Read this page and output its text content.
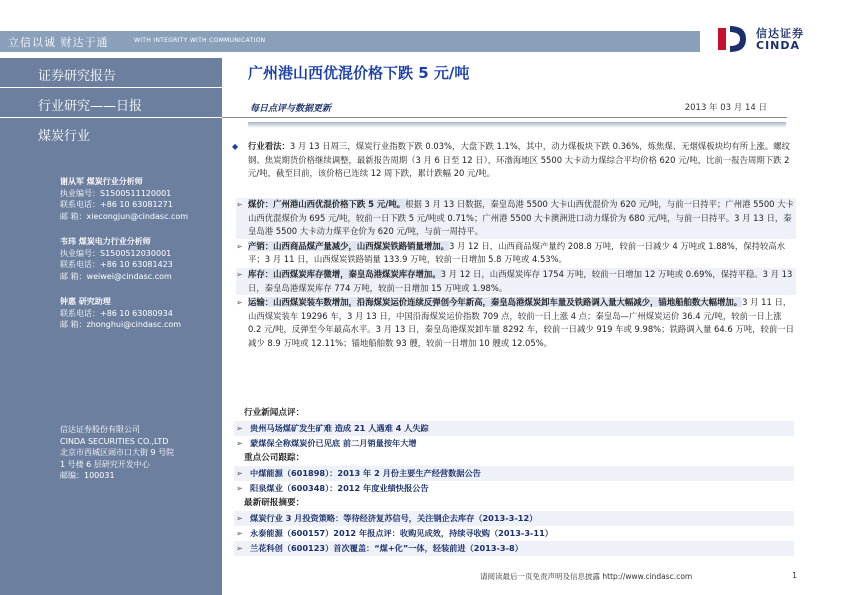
立信以诚 财达于通	WITH INTEGRITY WITH COMMUNICATION
信达证券
CINDA
证券研究报告
行业研究——日报
煤炭行业
谢从军 煤炭行业分析师
执业编号：S1500511120001
联系电话：+86 10 63081271
邮 箱：xiecongjun@cindasc.com
韦玮 煤炭电力行业分析师
执业编号：S1500512030001
联系电话：+86 10 63081423
邮 箱：weiwei@cindasc.com
钟惠 研究助理
联系电话：+86 10 63080934
邮 箱：zhonghui@cindasc.com
信达证券股份有限公司
CINDA SECURITIES CO.,LTD
北京市西城区闹市口大街 9 号院
1 号楼 6 层研究开发中心
邮编：100031
广州港山西优混价格下跌 5 元/吨
每日点评与数据更新	2013 年 03 月 14 日
◆ 行业看法：3 月 13 日周三，煤炭行业指数下跌 0.03%，大盘下跌 1.1%，其中，动力煤板块下跌 0.36%，炼焦煤、无烟煤板块均有所上涨。螺纹钢、焦炭期货价格继续调整，最新报告周期（3 月 6 日至 12 日），环渤海地区 5500 大卡动力煤综合平均价格 620 元/吨，比前一报告周期下跌 2 元/吨，截至目前，该价格已连续 12 周下跌，累计跌幅 20 元/吨。
➢ 煤价：广州港山西优混价格下跌 5 元/吨。根据 3 月 13 日数据，秦皇岛港 5500 大卡山西优混价为 620 元/吨，与前一日持平；广州港 5500 大卡山西优混煤价为 695 元/吨，较前一日下跌 5 元/吨或 0.71%；广州港 5500 大卡澳洲进口动力煤价为 680 元/吨，与前一日持平。3 月 13 日，秦皇岛港 5500 大卡动力煤平仓价为 620 元/吨，与前一周持平。
➢ 产销：山西商品煤产量减少，山西煤炭铁路销量增加。3 月 12 日，山西商品煤产量约 208.8 万吨，较前一日减少 4 万吨或 1.88%，保持较高水平；3 月 11 日，山西煤炭铁路销量 133.9 万吨，较前一日增加 5.8 万吨或 4.53%。
➢ 库存：山西煤炭库存微增，秦皇岛港煤炭库存增加。3 月 12 日，山西煤炭库存 1754 万吨，较前一日增加 12 万吨或 0.69%，保持平稳。3 月 13 日，秦皇岛港煤炭库存 774 万吨，较前一日增加 15 万吨或 1.98%。
➢ 运输：山西煤炭装车数增加，沿海煤炭运价连续反弹创今年新高，秦皇岛港煤炭卸车量及铁路调入量大幅减少，锚地船舶数大幅增加。3 月 11 日，山西煤炭装车 19296 车，3 月 13 日，中国沿海煤炭运价指数 709 点，较前一日上涨 4 点；秦皇岛—广州煤炭运价 36.4 元/吨，较前一日上涨 0.2 元/吨，反弹至今年最高水平。3 月 13 日，秦皇岛港煤炭卸车量 8292 车，较前一日减少 919 车或 9.98%；铁路调入量 64.6 万吨，较前一日减少 8.9 万吨或 12.11%；锚地船舶数 93 艘，较前一日增加 10 艘或 12.05%。
行业新闻点评：
➢ 贵州马场煤矿发生矿难 造成 21 人遇难 4 人失踪
➢ 蒙煤保全称煤炭价已见底 前二月销量按年大增
重点公司跟踪：
➢ 中煤能源（601898）：2013 年 2 月份主要生产经营数据公告
➢ 阳泉煤业（600348）：2012 年度业绩快报公告
最新研报摘要：
➢ 煤炭行业 3 月投资策略：等待经济复苏信号，关注钢企去库存（2013-3-12）
➢ 永泰能源（600157）2012 年报点评：收购见成效，持续寻收购（2013-3-11）
➢ 兰花科创（600123）首次覆盖：“煤+化”一体，轻装前进（2013-3-8）
请阅读最后一页免责声明及信息披露 http://www.cindasc.com	1
